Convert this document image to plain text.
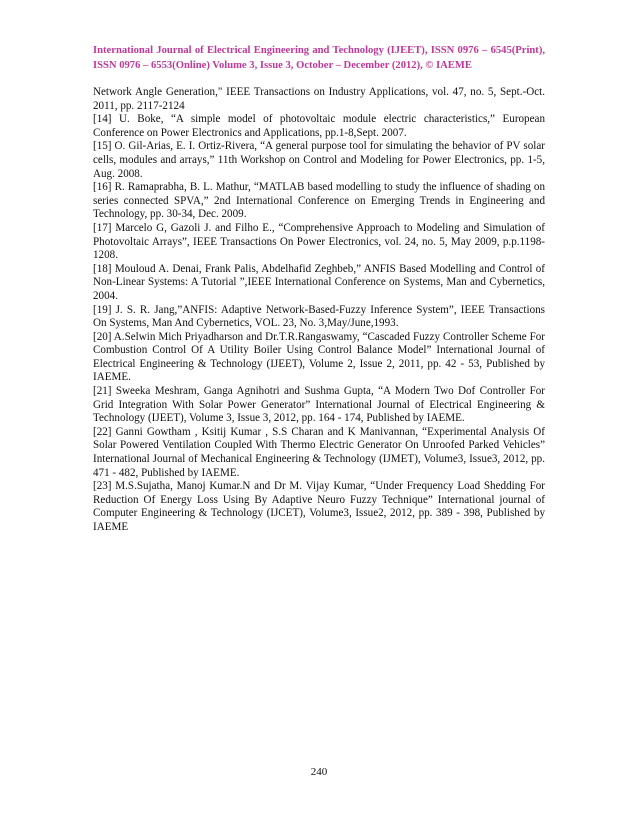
International Journal of Electrical Engineering and Technology (IJEET), ISSN 0976 – 6545(Print), ISSN 0976 – 6553(Online) Volume 3, Issue 3, October – December (2012), © IAEME

Network Angle Generation," IEEE Transactions on Industry Applications, vol. 47, no. 5, Sept.-Oct. 2011, pp. 2117-2124

[14] U. Boke, “A simple model of photovoltaic module electric characteristics,” European Conference on Power Electronics and Applications, pp.1-8,Sept. 2007.

[15] O. Gil-Arias, E. I. Ortiz-Rivera, “A general purpose tool for simulating the behavior of PV solar cells, modules and arrays,” 11th Workshop on Control and Modeling for Power Electronics, pp. 1-5, Aug. 2008.

[16] R. Ramaprabha, B. L. Mathur, “MATLAB based modelling to study the influence of shading on series connected SPVA,” 2nd International Conference on Emerging Trends in Engineering and Technology, pp. 30-34, Dec. 2009.

[17] Marcelo G, Gazoli J. and Filho E., “Comprehensive Approach to Modeling and Simulation of Photovoltaic Arrays”, IEEE Transactions On Power Electronics, vol. 24, no. 5, May 2009, p.p.1198-1208.

[18] Mouloud A. Denai, Frank Palis, Abdelhafid Zeghbeb,” ANFIS Based Modelling and Control of Non-Linear Systems: A Tutorial ”,IEEE International Conference on Systems, Man and Cybernetics, 2004.

[19] J. S. R. Jang,”ANFIS: Adaptive Network-Based-Fuzzy Inference System”, IEEE Transactions On Systems, Man And Cybernetics, VOL. 23, No. 3,May/June,1993.

[20] A.Selwin Mich Priyadharson and Dr.T.R.Rangaswamy, “Cascaded Fuzzy Controller Scheme For Combustion Control Of A Utility Boiler Using Control Balance Model” International Journal of Electrical Engineering & Technology (IJEET), Volume 2, Issue 2, 2011, pp. 42 - 53, Published by IAEME.

[21] Sweeka Meshram, Ganga Agnihotri and Sushma Gupta, “A Modern Two Dof Controller For Grid Integration With Solar Power Generator” International Journal of Electrical Engineering & Technology (IJEET), Volume 3, Issue 3, 2012, pp. 164 - 174, Published by IAEME.

[22] Ganni Gowtham , Ksitij Kumar , S.S Charan and K Manivannan, “Experimental Analysis Of Solar Powered Ventilation Coupled With Thermo Electric Generator On Unroofed Parked Vehicles” International Journal of Mechanical Engineering & Technology (IJMET), Volume3, Issue3, 2012, pp. 471 - 482, Published by IAEME.

[23] M.S.Sujatha, Manoj Kumar.N and Dr M. Vijay Kumar, “Under Frequency Load Shedding For Reduction Of Energy Loss Using By Adaptive Neuro Fuzzy Technique” International journal of Computer Engineering & Technology (IJCET), Volume3, Issue2, 2012, pp. 389 - 398, Published by IAEME

240
